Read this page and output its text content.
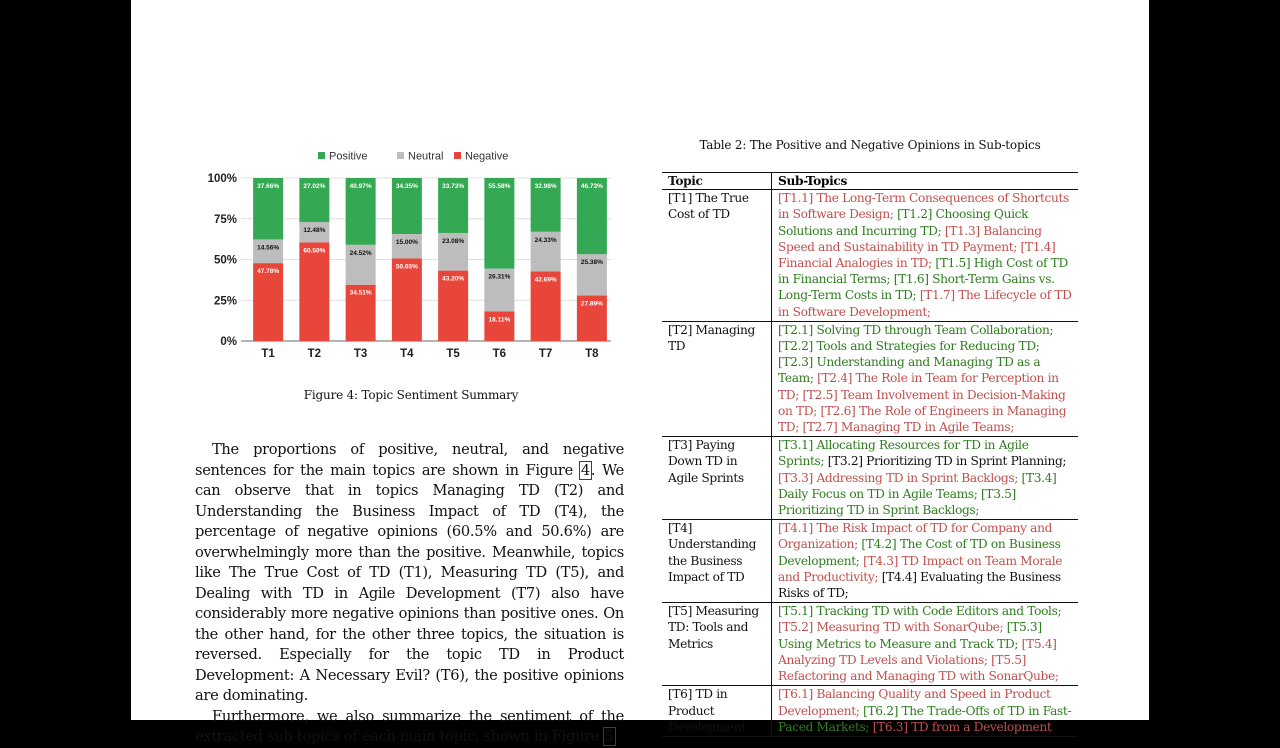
0%
25%
50%
75%
100%
Positive	Neutral Negative
47.78%
14.56%
37.66%
T1
60.50%
12.48%
27.02%
T2
34.51%
24.52%
40.97%
T3
50.65%
15.00%
34.35%
T4
43.20%
23.08%
33.73%
T5
18.11%
26.31%
55.58%
T6
42.69%
24.33%
32.98%
T7
27.89%
25.38%
46.73%
T8
Figure 4: Topic Sentiment Summary

The proportions of positive, neutral, and negative sentences for the main topics are shown in Figure 4. We can observe that in topics Managing TD (T2) and Understanding the Business Impact of TD (T4), the percentage of negative opinions (60.5% and 50.6%) are overwhelmingly more than the positive. Meanwhile, topics like The True Cost of TD (T1), Measuring TD (T5), and Dealing with TD in Agile Development (T7) also have considerably more negative opinions than positive ones. On the other hand, for the other three topics, the situation is reversed. Especially for the topic TD in Product Development: A Necessary Evil? (T6), the positive opinions are dominating.

Furthermore, we also summarize the sentiment of the extracted sub-topics of each main topic, shown in Figure 5

Table 2: The Positive and Negative Opinions in Sub-topics
Topic	Sub-Topics
[T1] The True Cost of TD	[T1.1] The Long-Term Consequences of Shortcuts in Software Design; [T1.2] Choosing Quick Solutions and Incurring TD; [T1.3] Balancing Speed and Sustainability in TD Payment; [T1.4] Financial Analogies in TD; [T1.5] High Cost of TD in Financial Terms; [T1.6] Short-Term Gains vs. Long-Term Costs in TD; [T1.7] The Lifecycle of TD in Software Development;
[T2] Managing TD	[T2.1] Solving TD through Team Collaboration; [T2.2] Tools and Strategies for Reducing TD; [T2.3] Understanding and Managing TD as a Team; [T2.4] The Role in Team for Perception in TD; [T2.5] Team Involvement in Decision-Making on TD; [T2.6] The Role of Engineers in Managing TD; [T2.7] Managing TD in Agile Teams;
[T3] Paying Down TD in Agile Sprints	[T3.1] Allocating Resources for TD in Agile Sprints; [T3.2] Prioritizing TD in Sprint Planning; [T3.3] Addressing TD in Sprint Backlogs; [T3.4] Daily Focus on TD in Agile Teams; [T3.5] Prioritizing TD in Sprint Backlogs;
[T4] Understanding the Business Impact of TD	[T4.1] The Risk Impact of TD for Company and Organization; [T4.2] The Cost of TD on Business Development; [T4.3] TD Impact on Team Morale and Productivity; [T4.4] Evaluating the Business Risks of TD;
[T5] Measuring TD: Tools and Metrics	[T5.1] Tracking TD with Code Editors and Tools; [T5.2] Measuring TD with SonarQube; [T5.3] Using Metrics to Measure and Track TD; [T5.4] Analyzing TD Levels and Violations; [T5.5] Refactoring and Managing TD with SonarQube;
[T6] TD in Product Development	[T6.1] Balancing Quality and Speed in Product Development; [T6.2] The Trade-Offs of TD in Fast-Paced Markets; [T6.3] TD from a Development
